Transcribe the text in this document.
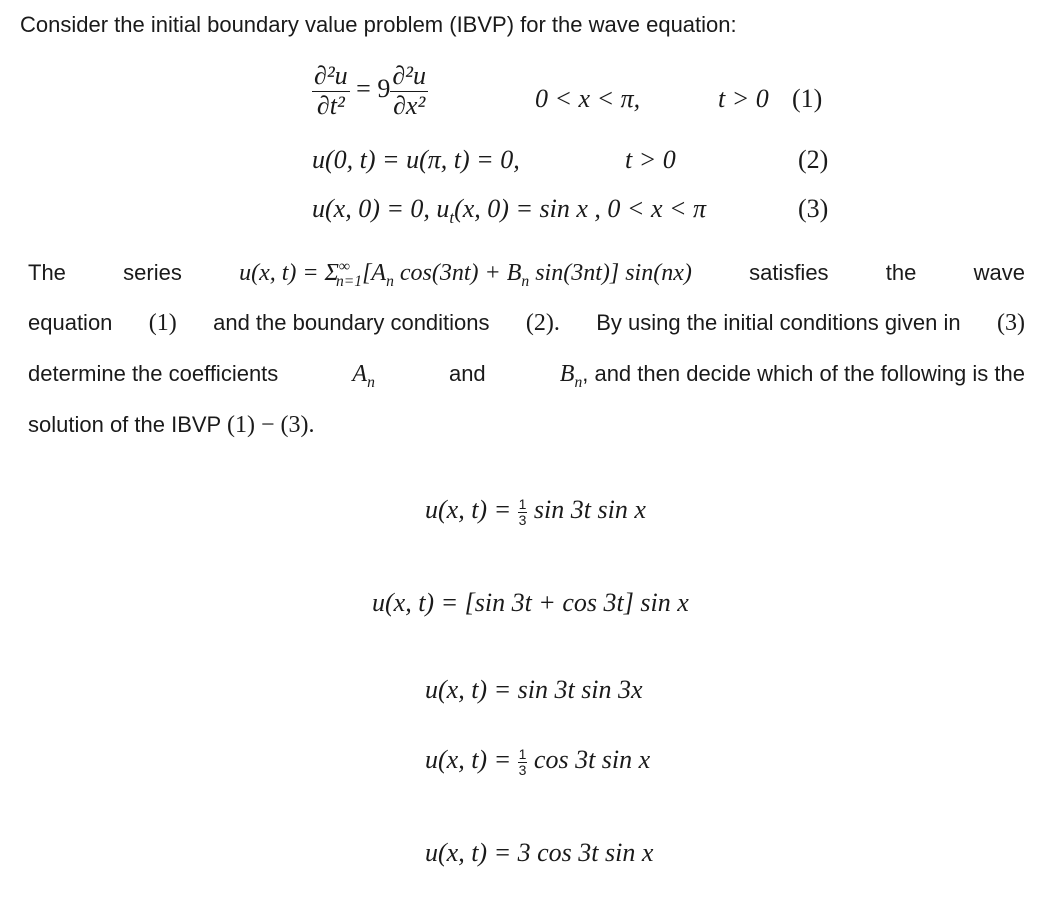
Consider the initial boundary value problem (IBVP) for the wave equation:
$\frac{\text{∂²u}}{\text{∂t²}} = 9 \frac{\text{∂²u}}{\text{∂x²}}$	0 < x < π,	t > 0 (1)
u(0, t) = u(π, t) = 0,	t > 0	(2)
u(x, 0) = 0, $u_t(x$, 0) = sin x , 0 < x < π	(3)
The	series u(x, $t) = \Sigma^\infty_{n=1}[A_n$ $\cos(3nt) + B_n$ sin(3nt)] sin(nx)	satisfies	the	wave
equation (1) and the boundary conditions (2). By using the initial conditions given in (3)
determine the coefficients	$A_n$	and	$B_n$, and then decide which of the following is the
solution of the IBVP (1) − (3).
u(x, $t) = \frac{1}{3}$ sin 3t sin x
u(x, t) = [sin 3t + cos 3t] sin x
u(x, t) = sin 3t sin 3x
u(x, $t) = \frac{1}{3}$ cos 3t sin x
u(x, t) = 3 cos 3t sin x
